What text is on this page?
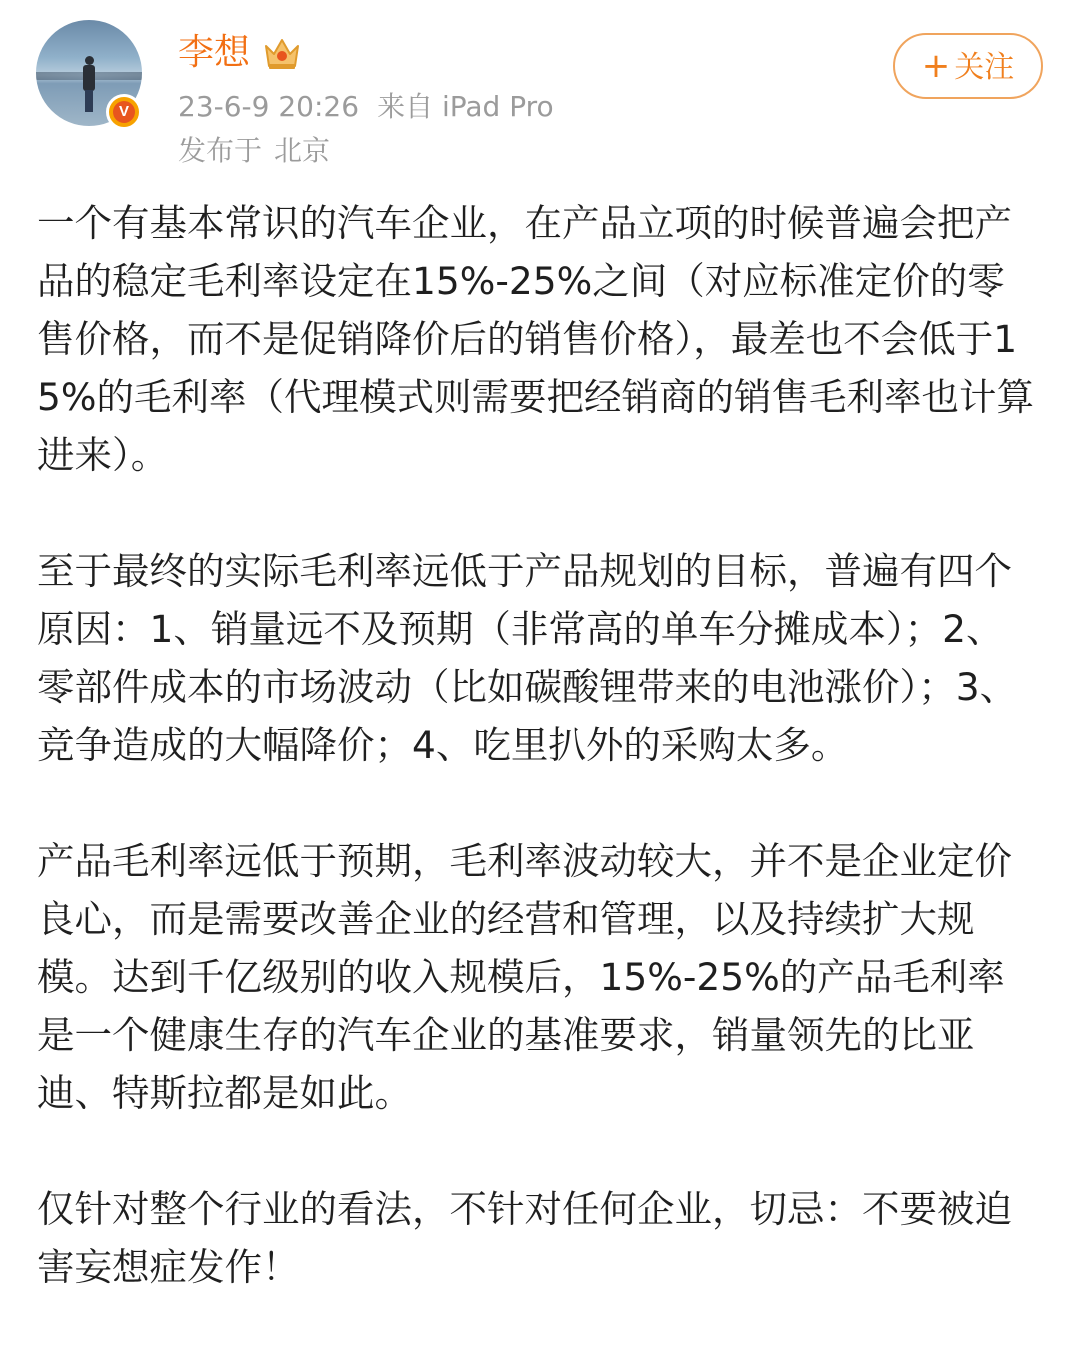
V
李想
23-6-9 20:26 来自 iPad Pro
发布于 北京
+ 关注

一个有基本常识的汽车企业，在产品立项的时候普遍会把产品的稳定毛利率设定在15%-25%之间（对应标准定价的零售价格，而不是促销降价后的销售价格），最差也不会低于15%的毛利率（代理模式则需要把经销商的销售毛利率也计算进来）。

至于最终的实际毛利率远低于产品规划的目标，普遍有四个原因：1、销量远不及预期（非常高的单车分摊成本）；2、零部件成本的市场波动（比如碳酸锂带来的电池涨价）；3、竞争造成的大幅降价；4、吃里扒外的采购太多。

产品毛利率远低于预期，毛利率波动较大，并不是企业定价良心，而是需要改善企业的经营和管理，以及持续扩大规模。达到千亿级别的收入规模后，15%-25%的产品毛利率是一个健康生存的汽车企业的基准要求，销量领先的比亚迪、特斯拉都是如此。

仅针对整个行业的看法，不针对任何企业，切忌：不要被迫害妄想症发作！
